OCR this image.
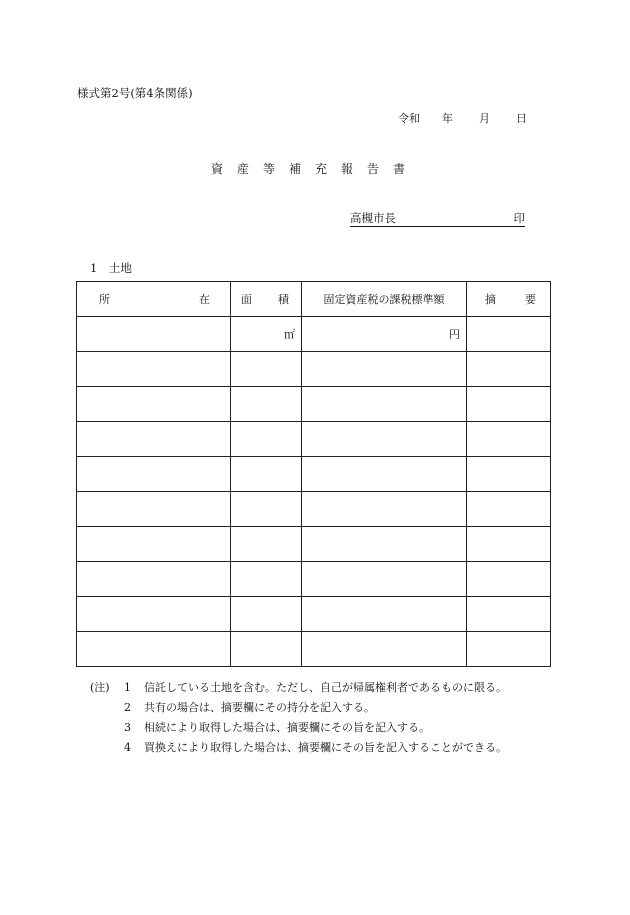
様式第2号(第4条関係)
令和 年 月 日
資産等補充報告書
高槻市長	印
1　土地
所 在	面 積	固定資産税の課税標準額	摘 要

	㎡	円	

(注)	1	信託している土地を含む。ただし、自己が帰属権利者であるものに限る。
2	共有の場合は、摘要欄にその持分を記入する。
3	相続により取得した場合は、摘要欄にその旨を記入する。
4	買換えにより取得した場合は、摘要欄にその旨を記入することができる。
